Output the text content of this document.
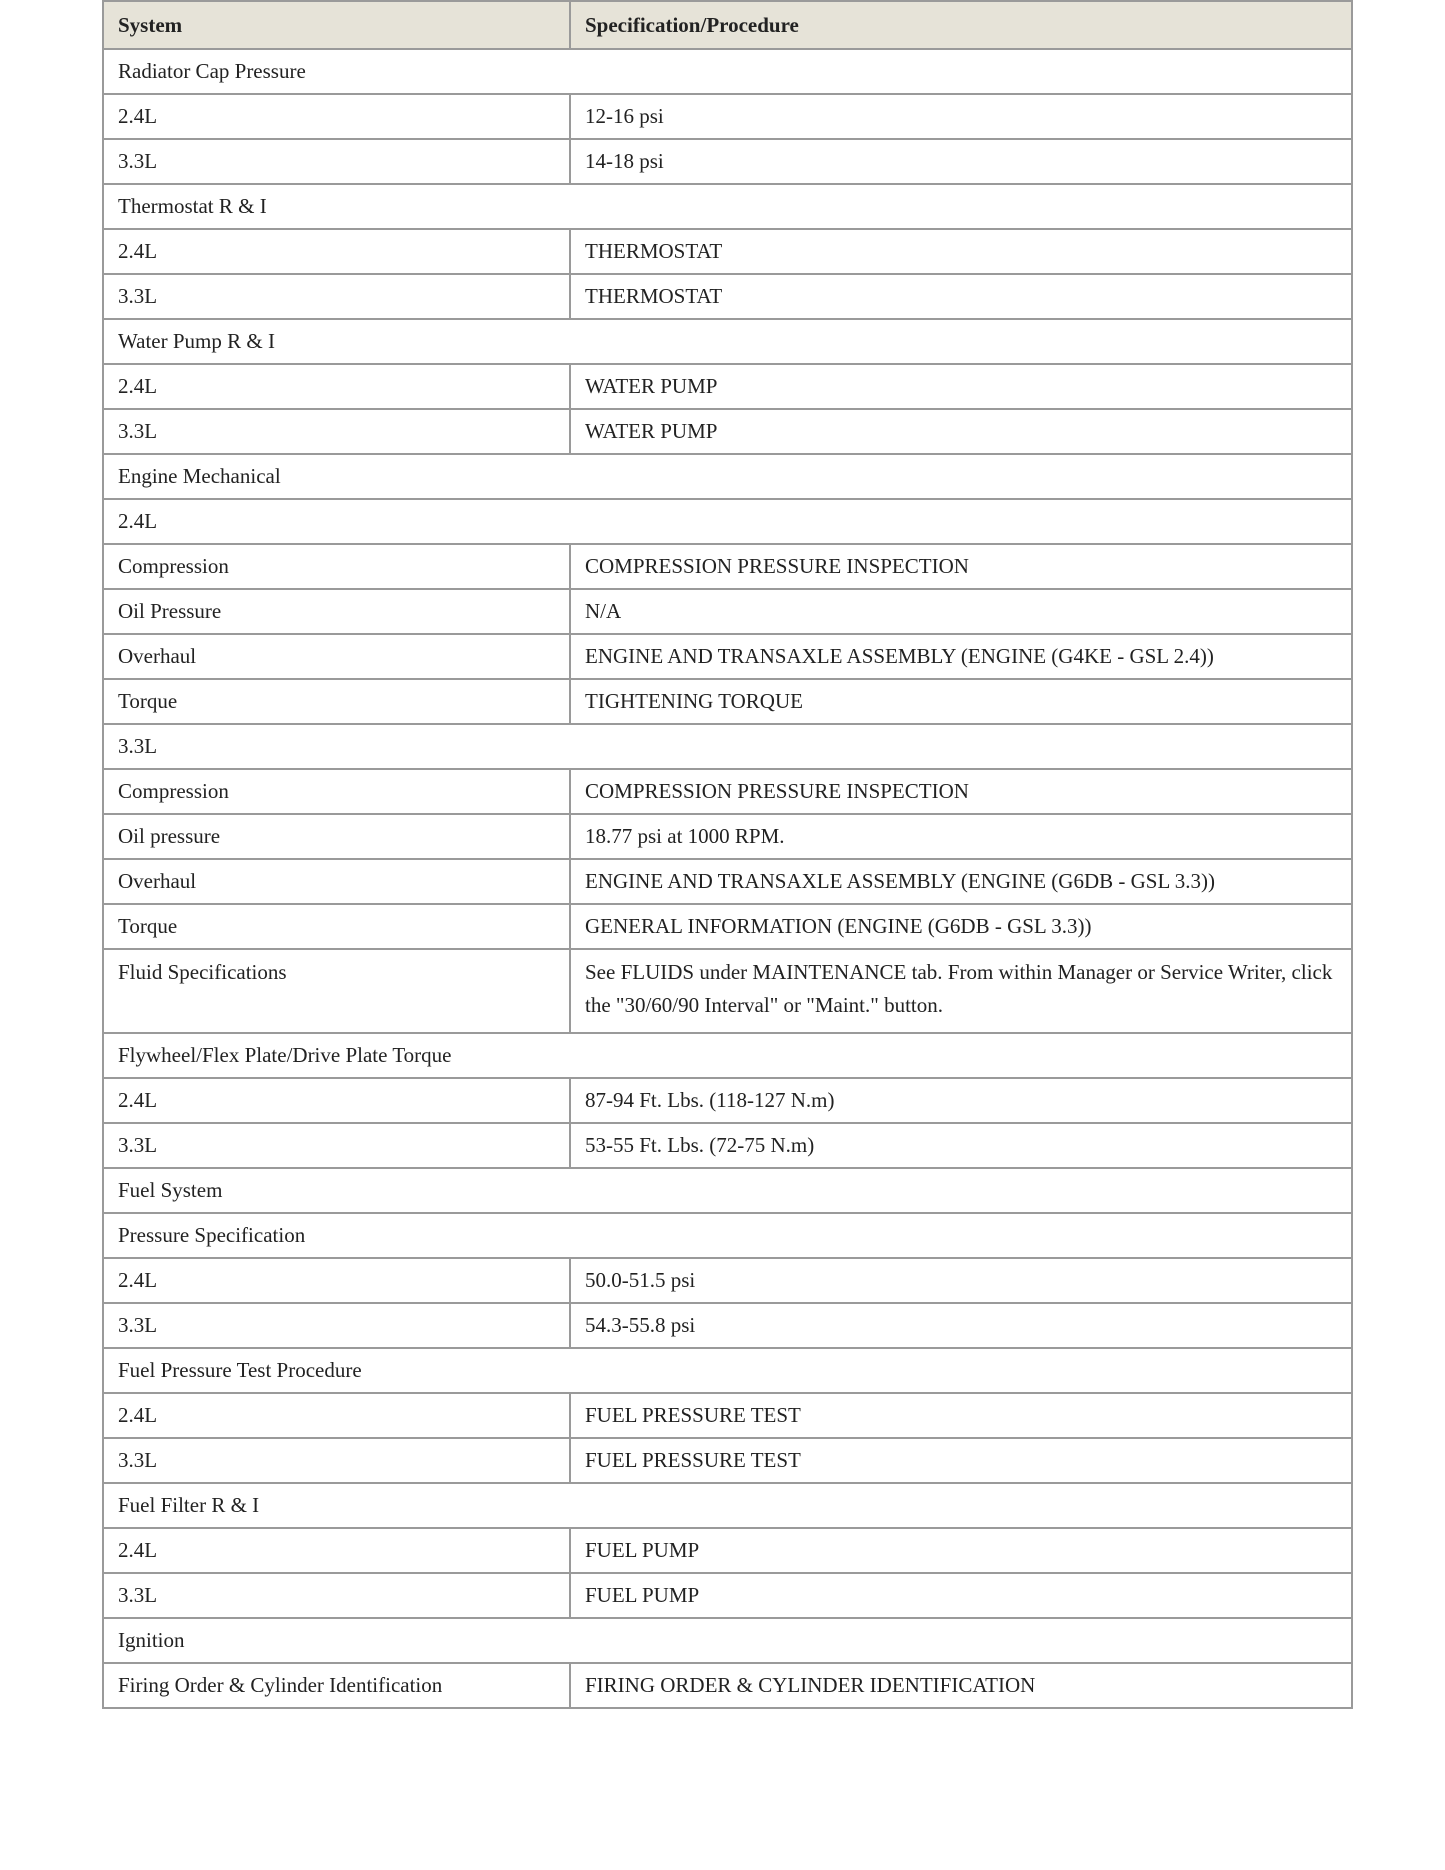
System	Specification/Procedure
Radiator Cap Pressure	
2.4L	12-16 psi
3.3L	14-18 psi
Thermostat R & I	
2.4L	THERMOSTAT
3.3L	THERMOSTAT
Water Pump R & I	
2.4L	WATER PUMP
3.3L	WATER PUMP
Engine Mechanical	
2.4L	
Compression	COMPRESSION PRESSURE INSPECTION
Oil Pressure	N/A
Overhaul	ENGINE AND TRANSAXLE ASSEMBLY (ENGINE (G4KE - GSL 2.4))
Torque	TIGHTENING TORQUE
3.3L	
Compression	COMPRESSION PRESSURE INSPECTION
Oil pressure	18.77 psi at 1000 RPM.
Overhaul	ENGINE AND TRANSAXLE ASSEMBLY (ENGINE (G6DB - GSL 3.3))
Torque	GENERAL INFORMATION (ENGINE (G6DB - GSL 3.3))
Fluid Specifications	See FLUIDS under MAINTENANCE tab. From within Manager or Service Writer, click the "30/60/90 Interval" or "Maint." button.
Flywheel/Flex Plate/Drive Plate Torque	
2.4L	87-94 Ft. Lbs. (118-127 N.m)
3.3L	53-55 Ft. Lbs. (72-75 N.m)
Fuel System	
Pressure Specification	
2.4L	50.0-51.5 psi
3.3L	54.3-55.8 psi
Fuel Pressure Test Procedure	
2.4L	FUEL PRESSURE TEST
3.3L	FUEL PRESSURE TEST
Fuel Filter R & I	
2.4L	FUEL PUMP
3.3L	FUEL PUMP
Ignition	
Firing Order & Cylinder Identification	FIRING ORDER & CYLINDER IDENTIFICATION
